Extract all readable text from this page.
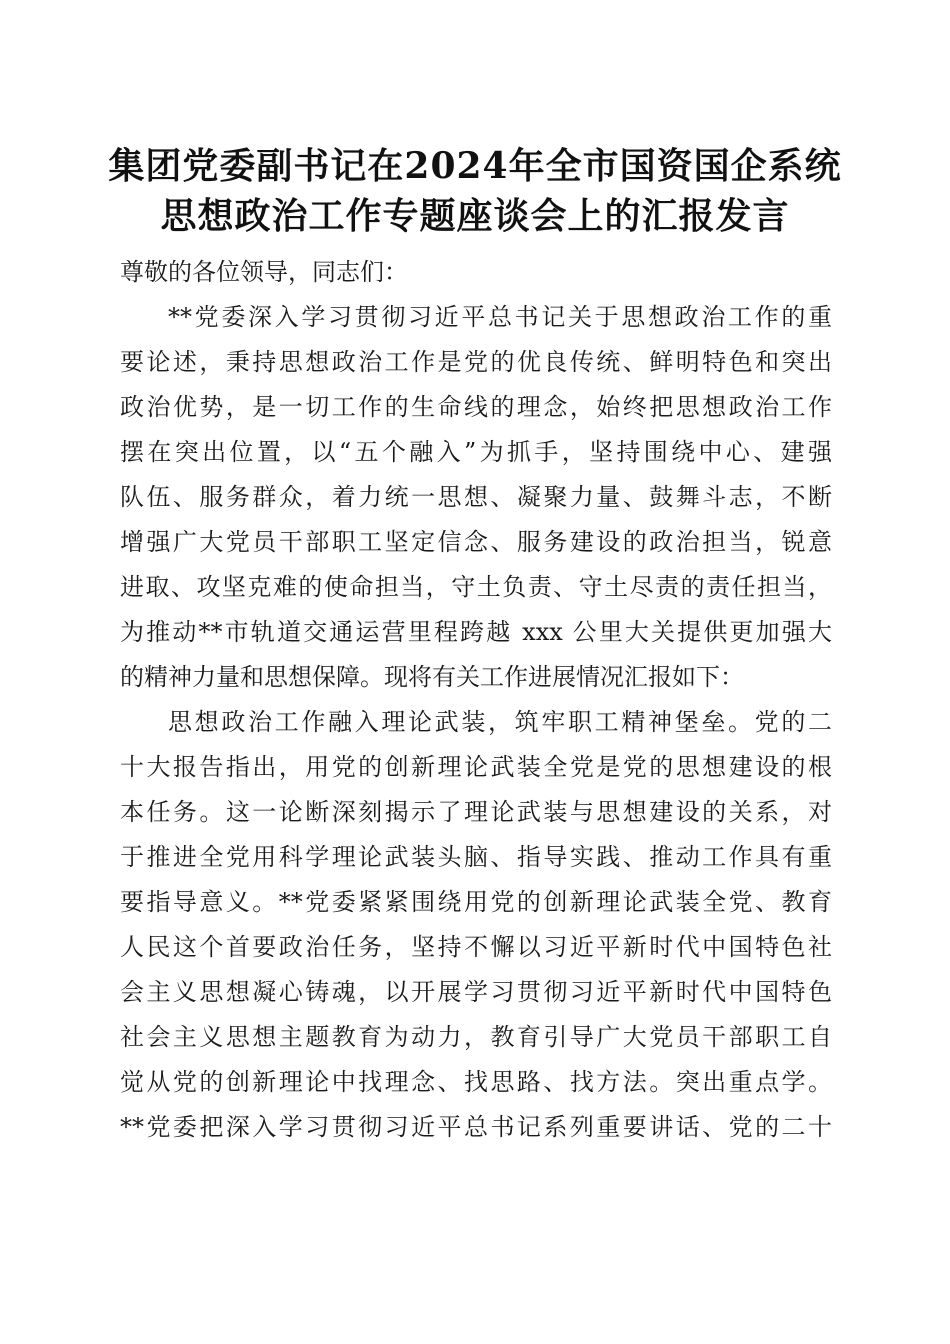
集团党委副书记在2024年全市国资国企系统
思想政治工作专题座谈会上的汇报发言
尊敬的各位领导，同志们：
**党委深入学习贯彻习近平总书记关于思想政治工作的重
要论述，秉持思想政治工作是党的优良传统、鲜明特色和突出
政治优势，是一切工作的生命线的理念，始终把思想政治工作
摆在突出位置，以“五个融入”为抓手，坚持围绕中心、建强
队伍、服务群众，着力统一思想、凝聚力量、鼓舞斗志，不断
增强广大党员干部职工坚定信念、服务建设的政治担当，锐意
进取、攻坚克难的使命担当，守土负责、守土尽责的责任担当，
为推动**市轨道交通运营里程跨越 xxx 公里大关提供更加强大
的精神力量和思想保障。现将有关工作进展情况汇报如下：
思想政治工作融入理论武装，筑牢职工精神堡垒。党的二
十大报告指出，用党的创新理论武装全党是党的思想建设的根
本任务。这一论断深刻揭示了理论武装与思想建设的关系，对
于推进全党用科学理论武装头脑、指导实践、推动工作具有重
要指导意义。**党委紧紧围绕用党的创新理论武装全党、教育
人民这个首要政治任务，坚持不懈以习近平新时代中国特色社
会主义思想凝心铸魂，以开展学习贯彻习近平新时代中国特色
社会主义思想主题教育为动力，教育引导广大党员干部职工自
觉从党的创新理论中找理念、找思路、找方法。突出重点学。
**党委把深入学习贯彻习近平总书记系列重要讲话、党的二十
